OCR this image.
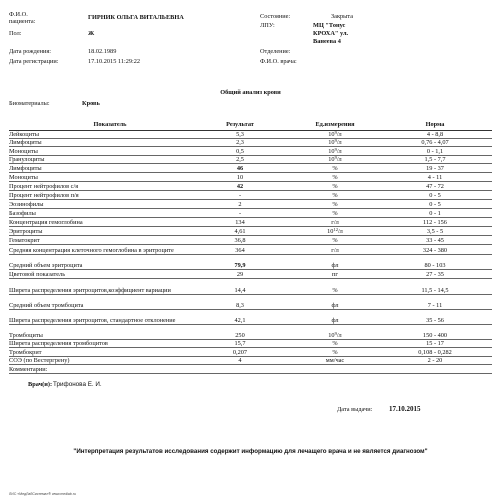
Ф.И.О.
пациента:
ГИРНИК ОЛЬГА ВИТАЛЬЕВНА
Пол:	Ж
Дата рождения:	18.02.1989
Дата регистрации:	17.10.2015 11:29:22
Состояние:	Закрыта
ЛПУ:	МЦ "Тонус
КРОХА" ул.
Ванеева 4
Отделение:
Ф.И.О. врача:
Общий анализ крови
Биоматериалы:	Кровь
Показатель	Результат	Ед.измерения	Норма
Лейкоциты	5,3	$10^9/л$	4 - 8,8
Лимфоциты	2,3	$10^9/л$	0,76 - 4,07
Моноциты	0,5	$10^9/л$	0 - 1,1
Гранулоциты	2,5	$10^9/л$	1,5 - 7,7
Лимфоциты	46	%	19 - 37
Моноциты	10	%	4 - 11
Процент нейтрофилов с/я	42	%	47 - 72
Процент нейтрофилов п/я	-	%	0 - 5
Эозинофилы	2	%	0 - 5
Базофилы	-	%	0 - 1
Концентрация гемоглобина	134	г/л	112 - 156
Эритроциты	4,61	$10^{12}/л$	3,5 - 5
Гематокрит	36,8	%	33 - 45
Средняя концентрация клеточного гемоглобина в эритроците	364	г/л	324 - 380
Средний объем эритроцита	79,9	фл	80 - 103
Цветовой показатель	29	пг	27 - 35
Ширета распределения эритроцитов,коэффициент вариации	14,4	%	11,5 - 14,5
Средний объем тромбоцита	8,3	фл	7 - 11
Ширета распределения эритроцитов, стандартное отклонение	42,1	фл	35 - 56
Тромбоциты	250	$10^9/л$	150 - 400
Ширета распределения тромбоцитов	15,7	%	15 - 17
Тромбокрит	0,207	%	0,108 - 0,282
СОЭ (по Вестергрену)	4	мм/час	2 - 20
Комментарии:
Врач(и): Трифонова Е. И.
Дата выдачи: 17.10.2015
"Интерпретация результатов исследования содержит информацию для лечащего врача и не является диагнозом"
ЛИС «МедЛабСистема»® www.medlab.ru
